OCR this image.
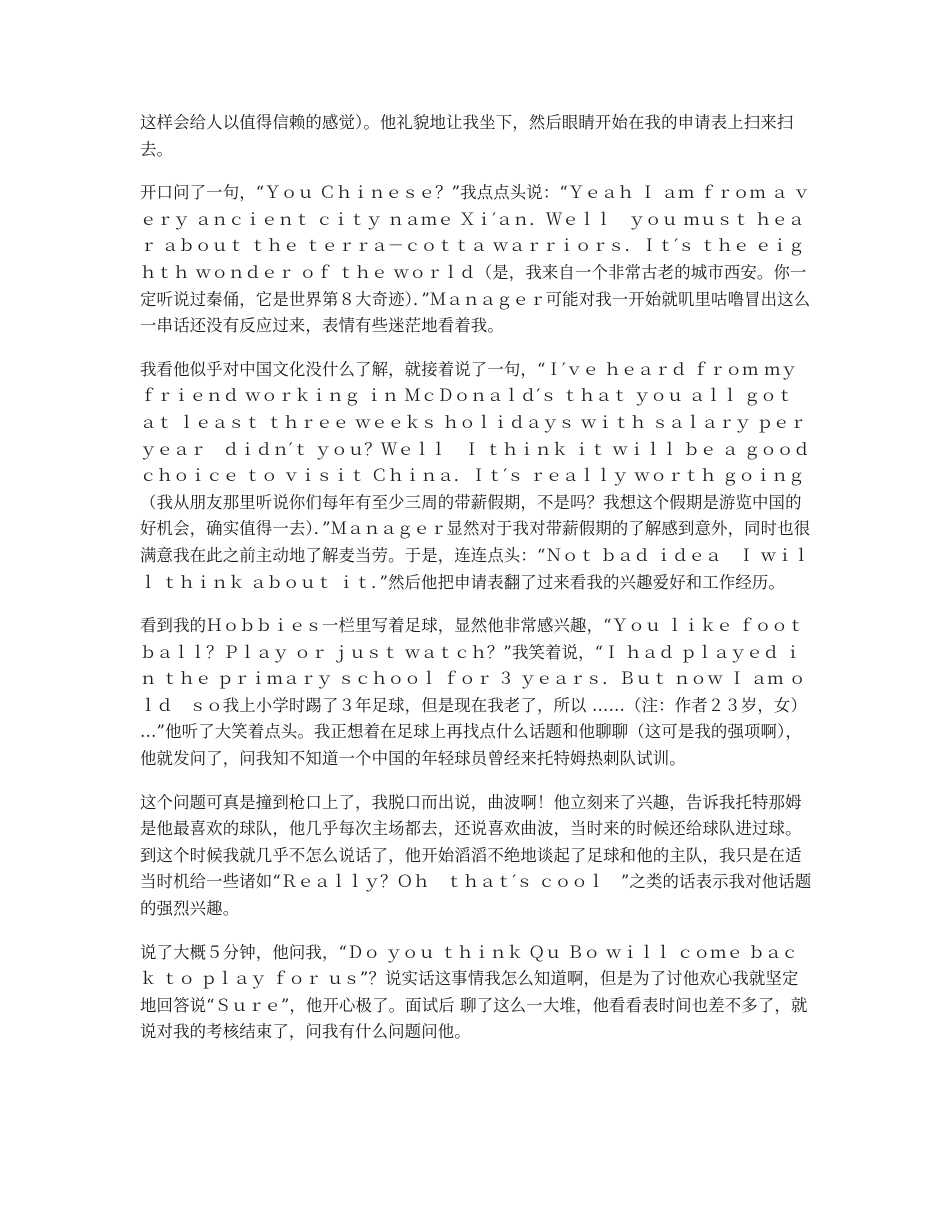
这样会给人以值得信赖的感觉）。他礼貌地让我坐下，然后眼睛开始在我的申请表上扫来扫去。

开口问了一句，“Ｙｏｕ Ｃｈｉｎｅｓｅ？”我点点头说：“Ｙｅａｈ Ｉ ａｍ ｆｒｏｍ ａ ｖｅｒｙ ａｎｃｉｅｎｔ ｃｉｔｙ ｎａｍｅ Ｘｉ′ａｎ．Ｗｅｌｌ　ｙｏｕ ｍｕｓｔ ｈｅａｒ ａｂｏｕｔ ｔｈｅ ｔｅｒｒａ－ｃｏｔｔａ ｗａｒｒｉｏｒｓ．Ｉｔ′ｓ ｔｈｅ ｅｉｇｈｔｈ ｗｏｎｄｅｒ ｏｆ ｔｈｅ ｗｏｒｌｄ（是，我来自一个非常古老的城市西安。你一定听说过秦俑，它是世界第８大奇迹）．”Ｍａｎａｇｅｒ可能对我一开始就叽里咕噜冒出这么一串话还没有反应过来，表情有些迷茫地看着我。

我看他似乎对中国文化没什么了解，就接着说了一句，“Ｉ′ｖｅ ｈｅａｒｄ ｆｒｏｍ ｍｙ ｆｒｉｅｎｄ ｗｏｒｋｉｎｇ ｉｎ ＭｃＤｏｎａｌｄ′ｓ ｔｈａｔ ｙｏｕ ａｌｌ ｇｏｔ ａｔ ｌｅａｓｔ ｔｈｒｅｅ ｗｅｅｋｓ ｈｏｌｉｄａｙｓ ｗｉｔｈ ｓａｌａｒｙ ｐｅｒ ｙｅａｒ　ｄｉｄｎ′ｔ ｙｏｕ？Ｗｅｌｌ　Ｉ ｔｈｉｎｋ ｉｔ ｗｉｌｌ ｂｅ ａ ｇｏｏｄ ｃｈｏｉｃｅ ｔｏ ｖｉｓｉｔ Ｃｈｉｎａ．Ｉｔ′ｓ ｒｅａｌｌｙ ｗｏｒｔｈ ｇｏｉｎｇ（我从朋友那里听说你们每年有至少三周的带薪假期，不是吗？我想这个假期是游览中国的好机会，确实值得一去）．”Ｍａｎａｇｅｒ显然对于我对带薪假期的了解感到意外，同时也很满意我在此之前主动地了解麦当劳。于是，连连点头：“Ｎｏｔ ｂａｄ ｉｄｅａ　Ｉ ｗｉｌｌ ｔｈｉｎｋ ａｂｏｕｔ ｉｔ．”然后他把申请表翻了过来看我的兴趣爱好和工作经历。

看到我的Ｈｏｂｂｉｅｓ一栏里写着足球，显然他非常感兴趣，“Ｙｏｕ ｌｉｋｅ ｆｏｏｔｂａｌｌ？Ｐｌａｙ ｏｒ ｊｕｓｔ ｗａｔｃｈ？”我笑着说，“Ｉ ｈａｄ ｐｌａｙｅｄ ｉｎ ｔｈｅ ｐｒｉｍａｒｙ ｓｃｈｏｏｌ ｆｏｒ ３ ｙｅａｒｓ．Ｂｕｔ ｎｏｗ Ｉ ａｍ ｏｌｄ　ｓｏ我上小学时踢了３年足球，但是现在我老了，所以 ……（注：作者２３岁，女） …”他听了大笑着点头。我正想着在足球上再找点什么话题和他聊聊（这可是我的强项啊），他就发问了，问我知不知道一个中国的年轻球员曾经来托特姆热刺队试训。

这个问题可真是撞到枪口上了，我脱口而出说，曲波啊！他立刻来了兴趣，告诉我托特那姆是他最喜欢的球队，他几乎每次主场都去，还说喜欢曲波，当时来的时候还给球队进过球。到这个时候我就几乎不怎么说话了，他开始滔滔不绝地谈起了足球和他的主队，我只是在适当时机给一些诸如“Ｒｅａｌｌｙ？Ｏｈ　ｔｈａｔ′ｓ ｃｏｏｌ　”之类的话表示我对他话题的强烈兴趣。

说了大概５分钟，他问我，“Ｄｏ ｙｏｕ ｔｈｉｎｋ Ｑｕ Ｂｏ ｗｉｌｌ ｃｏｍｅ ｂａｃｋ ｔｏ ｐｌａｙ ｆｏｒ ｕｓ”？说实话这事情我怎么知道啊，但是为了讨他欢心我就坚定地回答说“Ｓｕｒｅ”，他开心极了。面试后 聊了这么一大堆，他看看表时间也差不多了，就说对我的考核结束了，问我有什么问题问他。
